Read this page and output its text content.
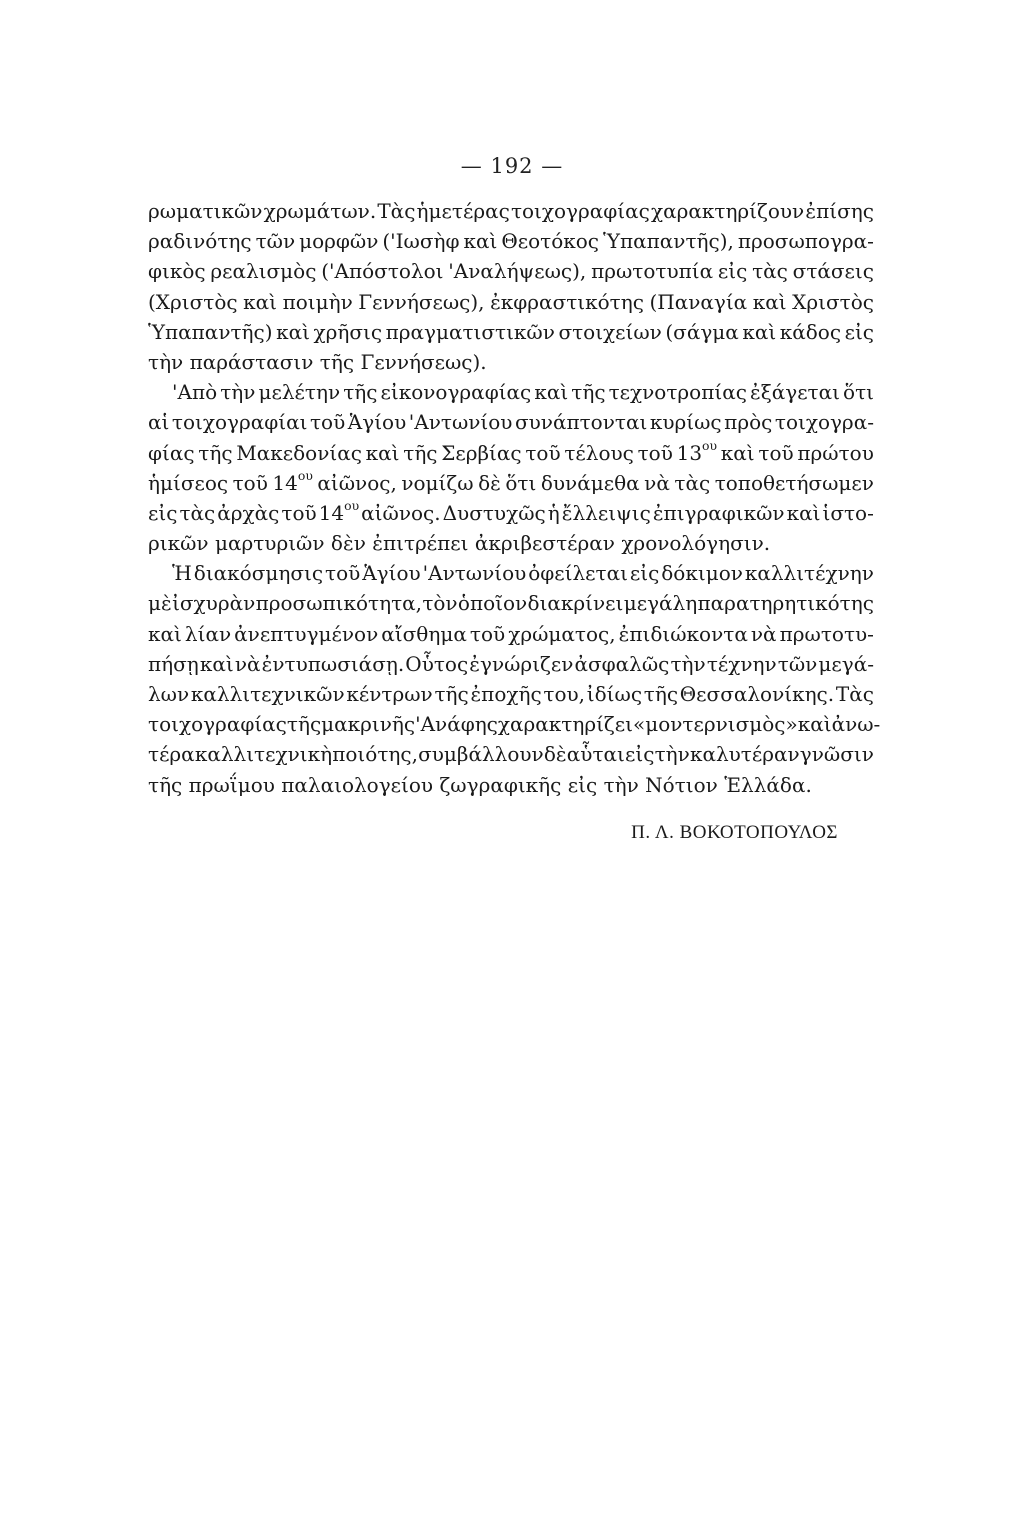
— 192 —
ρωματικῶν χρωμάτων. Τὰς ἡμετέρας τοιχογραφίας χαρακτηρίζουν ἐπίσης
ραδινότης τῶν μορφῶν ('Ιωσὴφ καὶ Θεοτόκος Ὑπαπαντῆς), προσωπογρα-
φικὸς ρεαλισμὸς ('Απόστολοι 'Αναλήψεως), πρωτοτυπία εἰς τὰς στάσεις
(Χριστὸς καὶ ποιμὴν Γεννήσεως), ἐκφραστικότης (Παναγία καὶ Χριστὸς
Ὑπαπαντῆς) καὶ χρῆσις πραγματιστικῶν στοιχείων (σάγμα καὶ κάδος εἰς
τὴν παράστασιν τῆς Γεννήσεως).
'Απὸ τὴν μελέτην τῆς εἰκονογραφίας καὶ τῆς τεχνοτροπίας ἐξάγεται ὅτι
αἱ τοιχογραφίαι τοῦ Ἁγίου 'Αντωνίου συνάπτονται κυρίως πρὸς τοιχογρα-
φίας τῆς Μακεδονίας καὶ τῆς Σερβίας τοῦ τέλους τοῦ $13^{o\upsilon}$ καὶ τοῦ πρώτου
ἡμίσεος τοῦ $14^{o\upsilon}$ αἰῶνος, νομίζω δὲ ὅτι δυνάμεθα νὰ τὰς τοποθετήσωμεν
εἰς τὰς ἀρχὰς τοῦ $14^{o\upsilon}$ αἰῶνος. Δυστυχῶς ἡ ἔλλειψις ἐπιγραφικῶν καὶ ἱστο-
ρικῶν μαρτυριῶν δὲν ἐπιτρέπει ἀκριβεστέραν χρονολόγησιν.
Ἡ διακόσμησις τοῦ Ἁγίου 'Αντωνίου ὀφείλεται εἰς δόκιμον καλλιτέχνην
μὲ ἰσχυρὰν προσωπικότητα, τὸν ὁποῖον διακρίνει μεγάλη παρατηρητικότης
καὶ λίαν ἀνεπτυγμένον αἴσθημα τοῦ χρώματος, ἐπιδιώκοντα νὰ πρωτοτυ-
πήσῃ καὶ νὰ ἐντυπωσιάσῃ. Οὗτος ἐγνώριζεν ἀσφαλῶς τὴν τέχνην τῶν μεγά-
λων καλλιτεχνικῶν κέντρων τῆς ἐποχῆς του, ἰδίως τῆς Θεσσαλονίκης. Τὰς
τοιχογραφίας τῆς μακρινῆς 'Ανάφης χαρακτηρίζει «μοντερνισμὸς» καὶ ἀνω-
τέρα καλλιτεχνικὴ ποιότης, συμβάλλουν δὲ αὗται εἰς τὴν καλυτέραν γνῶσιν
τῆς πρωΐμου παλαιολογείου ζωγραφικῆς εἰς τὴν Νότιον Ἑλλάδα.
Π. Λ. ΒΟΚΟΤΟΠΟΥΛΟΣ
